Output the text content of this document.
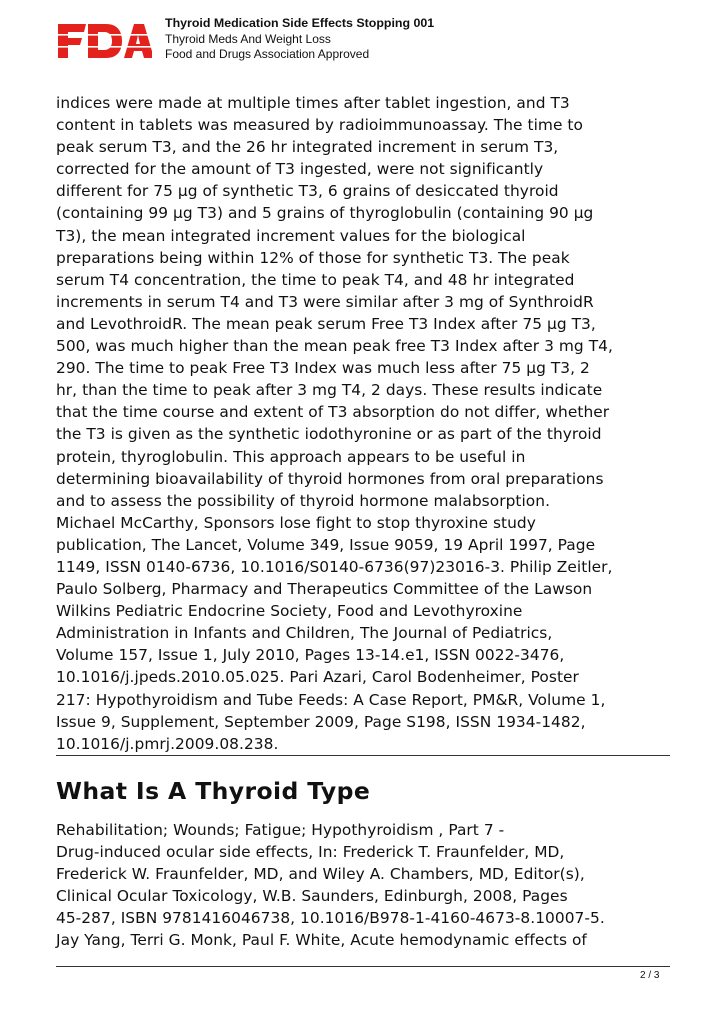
Thyroid Medication Side Effects Stopping 001
Thyroid Meds And Weight Loss
Food and Drugs Association Approved

indices were made at multiple times after tablet ingestion, and T3
content in tablets was measured by radioimmunoassay. The time to
peak serum T3, and the 26 hr integrated increment in serum T3,
corrected for the amount of T3 ingested, were not significantly
different for 75 µg of synthetic T3, 6 grains of desiccated thyroid
(containing 99 µg T3) and 5 grains of thyroglobulin (containing 90 µg
T3), the mean integrated increment values for the biological
preparations being within 12% of those for synthetic T3. The peak
serum T4 concentration, the time to peak T4, and 48 hr integrated
increments in serum T4 and T3 were similar after 3 mg of SynthroidR
and LevothroidR. The mean peak serum Free T3 Index after 75 µg T3,
500, was much higher than the mean peak free T3 Index after 3 mg T4,
290. The time to peak Free T3 Index was much less after 75 µg T3, 2
hr, than the time to peak after 3 mg T4, 2 days. These results indicate
that the time course and extent of T3 absorption do not differ, whether
the T3 is given as the synthetic iodothyronine or as part of the thyroid
protein, thyroglobulin. This approach appears to be useful in
determining bioavailability of thyroid hormones from oral preparations
and to assess the possibility of thyroid hormone malabsorption.
Michael McCarthy, Sponsors lose fight to stop thyroxine study
publication, The Lancet, Volume 349, Issue 9059, 19 April 1997, Page
1149, ISSN 0140-6736, 10.1016/S0140-6736(97)23016-3. Philip Zeitler,
Paulo Solberg, Pharmacy and Therapeutics Committee of the Lawson
Wilkins Pediatric Endocrine Society, Food and Levothyroxine
Administration in Infants and Children, The Journal of Pediatrics,
Volume 157, Issue 1, July 2010, Pages 13-14.e1, ISSN 0022-3476,
10.1016/j.jpeds.2010.05.025. Pari Azari, Carol Bodenheimer, Poster
217: Hypothyroidism and Tube Feeds: A Case Report, PM&R, Volume 1,
Issue 9, Supplement, September 2009, Page S198, ISSN 1934-1482,
10.1016/j.pmrj.2009.08.238.

What Is A Thyroid Type

Rehabilitation; Wounds; Fatigue; Hypothyroidism , Part 7 -
Drug-induced ocular side effects, In: Frederick T. Fraunfelder, MD,
Frederick W. Fraunfelder, MD, and Wiley A. Chambers, MD, Editor(s),
Clinical Ocular Toxicology, W.B. Saunders, Edinburgh, 2008, Pages
45-287, ISBN 9781416046738, 10.1016/B978-1-4160-4673-8.10007-5.
Jay Yang, Terri G. Monk, Paul F. White, Acute hemodynamic effects of

2 / 3
